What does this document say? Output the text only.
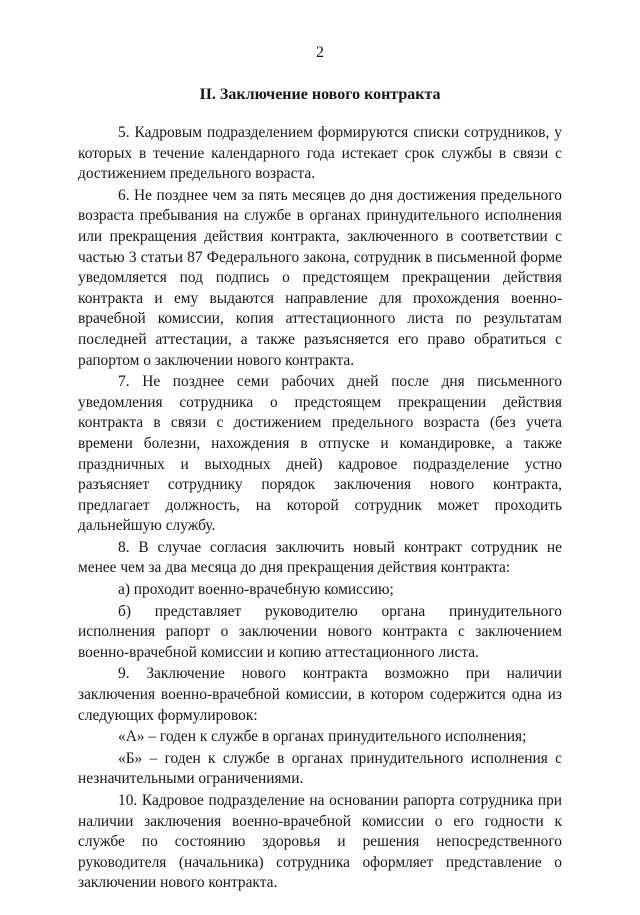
2
II. Заключение нового контракта

5. Кадровым подразделением формируются списки сотрудников, у которых в течение календарного года истекает срок службы в связи с достижением предельного возраста.

6. Не позднее чем за пять месяцев до дня достижения предельного возраста пребывания на службе в органах принудительного исполнения или прекращения действия контракта, заключенного в соответствии с частью 3 статьи 87 Федерального закона, сотрудник в письменной форме уведомляется под подпись о предстоящем прекращении действия контракта и ему выдаются направление для прохождения военно-врачебной комиссии, копия аттестационного листа по результатам последней аттестации, а также разъясняется его право обратиться с рапортом о заключении нового контракта.

7. Не позднее семи рабочих дней после дня письменного уведомления сотрудника о предстоящем прекращении действия контракта в связи с достижением предельного возраста (без учета времени болезни, нахождения в отпуске и командировке, а также праздничных и выходных дней) кадровое подразделение устно разъясняет сотруднику порядок заключения нового контракта, предлагает должность, на которой сотрудник может проходить дальнейшую службу.

8. В случае согласия заключить новый контракт сотрудник не менее чем за два месяца до дня прекращения действия контракта:

а) проходит военно-врачебную комиссию;

б) представляет руководителю органа принудительного исполнения рапорт о заключении нового контракта с заключением военно-врачебной комиссии и копию аттестационного листа.

9. Заключение нового контракта возможно при наличии заключения военно-врачебной комиссии, в котором содержится одна из следующих формулировок:

«А» – годен к службе в органах принудительного исполнения;

«Б» – годен к службе в органах принудительного исполнения с незначительными ограничениями.

10. Кадровое подразделение на основании рапорта сотрудника при наличии заключения военно-врачебной комиссии о его годности к службе по состоянию здоровья и решения непосредственного руководителя (начальника) сотрудника оформляет представление о заключении нового контракта.
